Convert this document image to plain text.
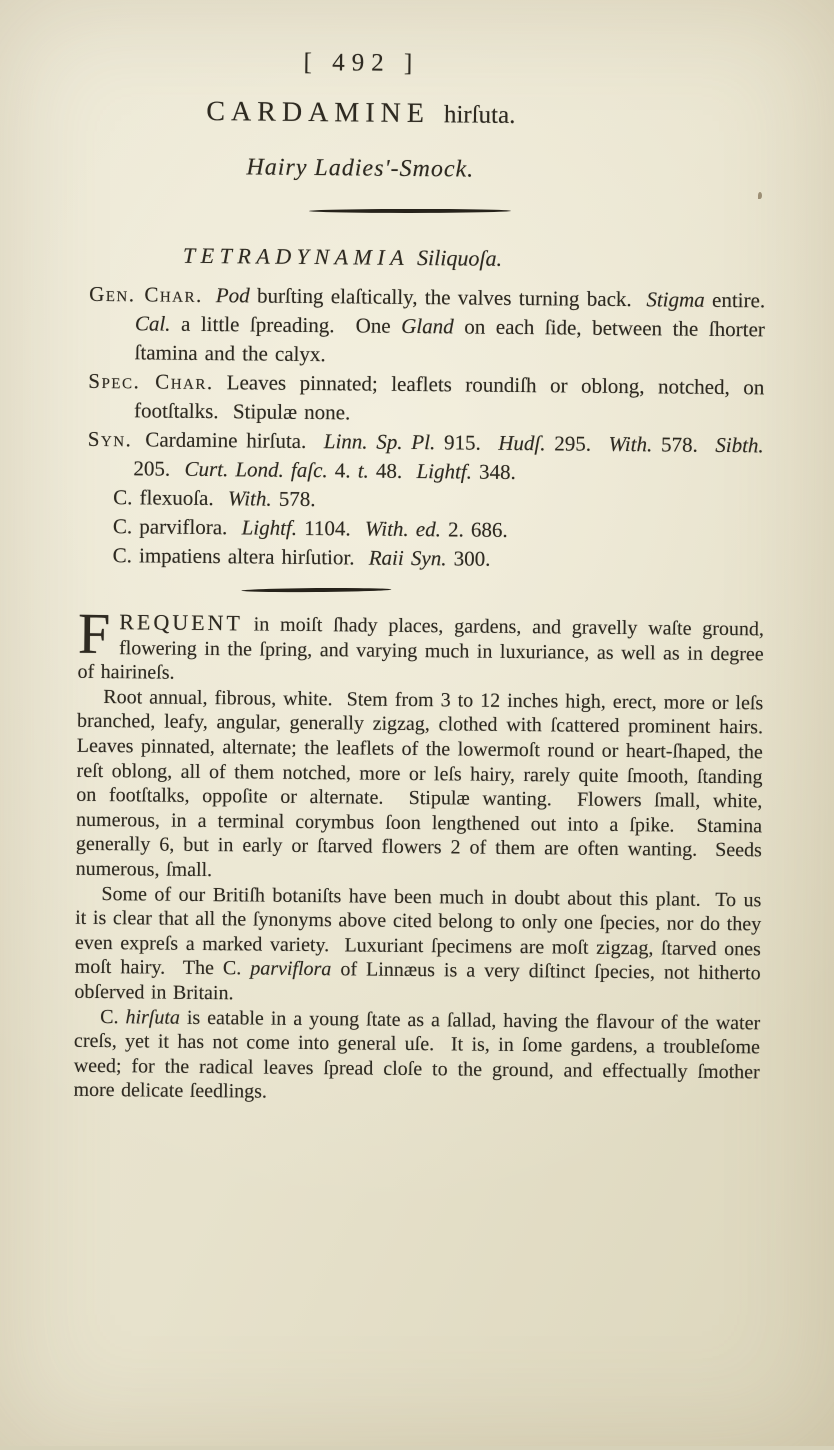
[ 492 ]
CARDAMINE hirſuta.
Hairy Ladies'-Smock.
TETRADYNAMIA Siliquoſa.

Gen. Char. Pod burſting elaſtically, the valves turning back.  Stigma entire.  Cal. a little ſpreading.  One Gland on each ſide, between the ſhorter ſtamina and the calyx.

Spec. Char. Leaves pinnated; leaflets roundiſh or oblong, notched, on footſtalks.  Stipulæ none.

Syn. Cardamine hirſuta.  Linn. Sp. Pl. 915.  Hudſ. 295.  With. 578.  Sibth. 205.  Curt. Lond. faſc. 4. t. 48.  Lightf. 348.

C. flexuoſa.  With. 578.

C. parviflora.  Lightf. 1104.  With. ed. 2. 686.

C. impatiens altera hirſutior.  Raii Syn. 300.

FREQUENT in moiſt ſhady places, gardens, and gravelly waſte ground, flowering in the ſpring, and varying much in luxuriance, as well as in degree of hairineſs.

Root annual, fibrous, white.  Stem from 3 to 12 inches high, erect, more or leſs branched, leafy, angular, generally zigzag, clothed with ſcattered prominent hairs.  Leaves pinnated, alternate; the leaflets of the lowermoſt round or heart-ſhaped, the reſt oblong, all of them notched, more or leſs hairy, rarely quite ſmooth, ſtanding on footſtalks, oppoſite or alternate.  Stipulæ wanting.  Flowers ſmall, white, numerous, in a terminal corymbus ſoon lengthened out into a ſpike.  Stamina generally 6, but in early or ſtarved flowers 2 of them are often wanting.  Seeds numerous, ſmall.

Some of our Britiſh botaniſts have been much in doubt about this plant.  To us it is clear that all the ſynonyms above cited belong to only one ſpecies, nor do they even expreſs a marked variety.  Luxuriant ſpecimens are moſt zigzag, ſtarved ones moſt hairy.  The C. parviflora of Linnæus is a very diſtinct ſpecies, not hitherto obſerved in Britain.

C. hirſuta is eatable in a young ſtate as a ſallad, having the flavour of the water creſs, yet it has not come into general uſe.  It is, in ſome gardens, a troubleſome weed; for the radical leaves ſpread cloſe to the ground, and effectually ſmother more delicate ſeedlings.
